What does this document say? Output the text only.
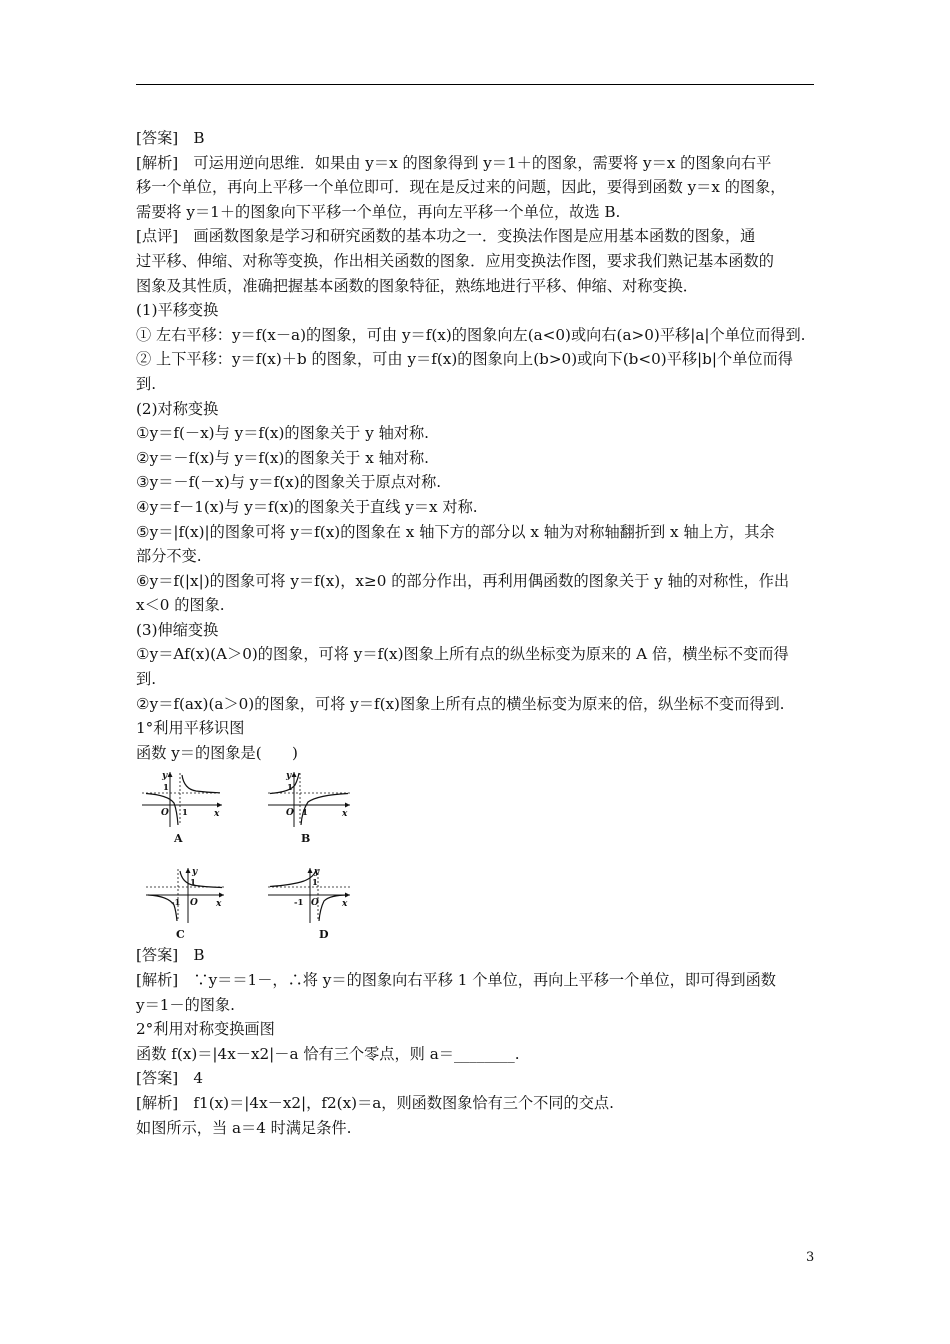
[答案]　B
[解析]　可运用逆向思维．如果由 y＝x 的图象得到 y＝1＋的图象，需要将 y＝x 的图象向右平
移一个单位，再向上平移一个单位即可．现在是反过来的问题，因此，要得到函数 y＝x 的图象，
需要将 y＝1＋的图象向下平移一个单位，再向左平移一个单位，故选 B.
[点评]　画函数图象是学习和研究函数的基本功之一．变换法作图是应用基本函数的图象，通
过平移、伸缩、对称等变换，作出相关函数的图象．应用变换法作图，要求我们熟记基本函数的
图象及其性质，准确把握基本函数的图象特征，熟练地进行平移、伸缩、对称变换．
(1)平移变换
① 左右平移：y＝f(x－a)的图象，可由 y＝f(x)的图象向左(a<0)或向右(a>0)平移|a|个单位而得到.
② 上下平移：y＝f(x)＋b 的图象，可由 y＝f(x)的图象向上(b>0)或向下(b<0)平移|b|个单位而得
到.
(2)对称变换
①y＝f(－x)与 y＝f(x)的图象关于 y 轴对称.
②y＝－f(x)与 y＝f(x)的图象关于 x 轴对称.
③y＝－f(－x)与 y＝f(x)的图象关于原点对称.
④y＝f－1(x)与 y＝f(x)的图象关于直线 y＝x 对称.
⑤y＝|f(x)|的图象可将 y＝f(x)的图象在 x 轴下方的部分以 x 轴为对称轴翻折到 x 轴上方，其余
部分不变.
⑥y＝f(|x|)的图象可将 y＝f(x)，x≥0 的部分作出，再利用偶函数的图象关于 y 轴的对称性，作出
x＜0 的图象.
(3)伸缩变换
①y＝Af(x)(A＞0)的图象，可将 y＝f(x)图象上所有点的纵坐标变为原来的 A 倍，横坐标不变而得
到.
②y＝f(ax)(a＞0)的图象，可将 y＝f(x)图象上所有点的横坐标变为原来的倍，纵坐标不变而得到.
1°利用平移识图
函数 y＝的图象是(　　)
y
x
O 1
1
A
y
x
O 1
1
B
y
x
O
-1
1
C
y
x
O
-1
1
D
[答案]　B
[解析]　∵y＝＝1－，∴将 y＝的图象向右平移 1 个单位，再向上平移一个单位，即可得到函数
y＝1－的图象.
2°利用对称变换画图
函数 f(x)＝|4x－x2|－a 恰有三个零点，则 a＝________.
[答案]　4
[解析]　f1(x)＝|4x－x2|，f2(x)＝a，则函数图象恰有三个不同的交点.
如图所示，当 a＝4 时满足条件.
3
